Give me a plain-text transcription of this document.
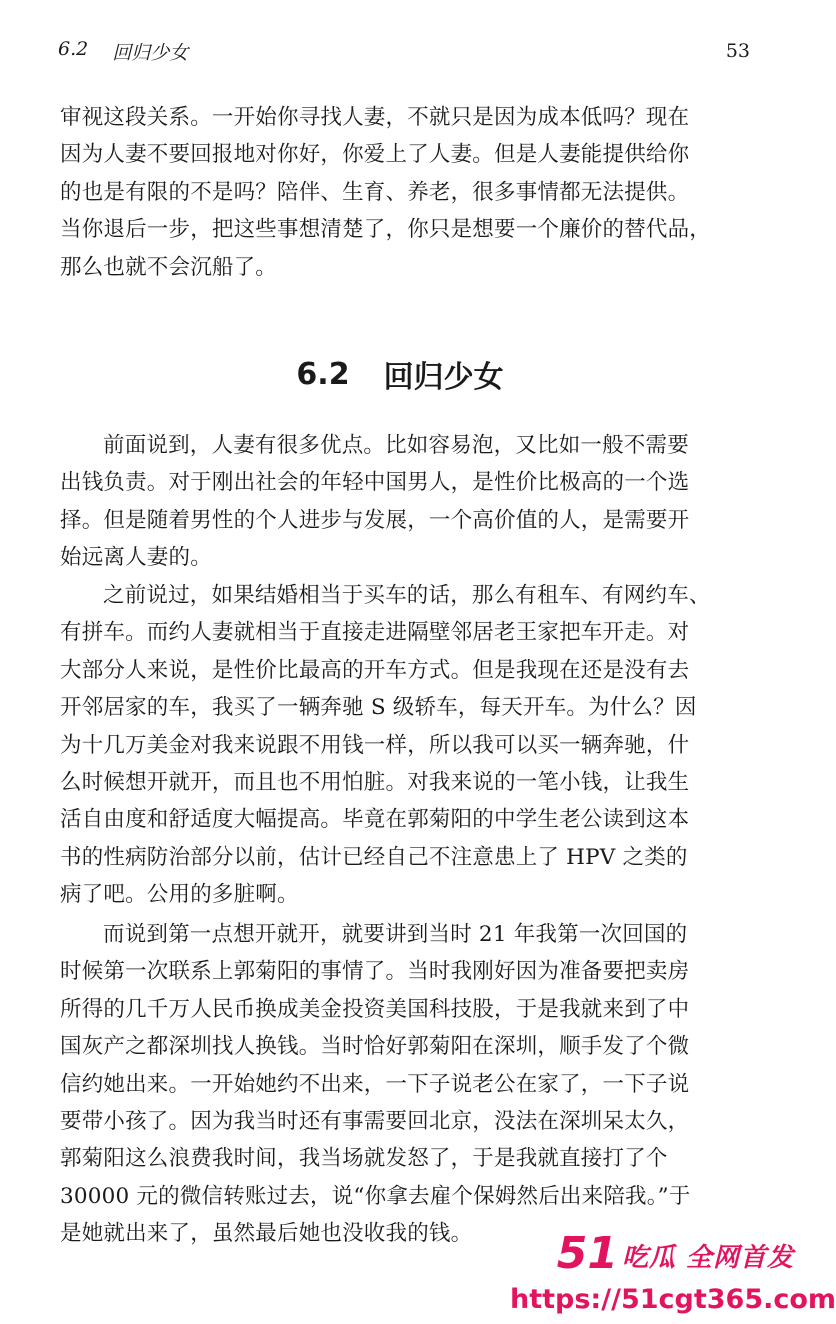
6.2 回归少女	53

审视这段关系。一开始你寻找人妻，不就只是因为成本低吗？现在
因为人妻不要回报地对你好，你爱上了人妻。但是人妻能提供给你
的也是有限的不是吗？陪伴、生育、养老，很多事情都无法提供。
当你退后一步，把这些事想清楚了，你只是想要一个廉价的替代品，
那么也就不会沉船了。

6.2 回归少女

前面说到，人妻有很多优点。比如容易泡，又比如一般不需要
出钱负责。对于刚出社会的年轻中国男人，是性价比极高的一个选
择。但是随着男性的个人进步与发展，一个高价值的人，是需要开
始远离人妻的。

之前说过，如果结婚相当于买车的话，那么有租车、有网约车、
有拼车。而约人妻就相当于直接走进隔壁邻居老王家把车开走。对
大部分人来说，是性价比最高的开车方式。但是我现在还是没有去
开邻居家的车，我买了一辆奔驰 S 级轿车，每天开车。为什么？因
为十几万美金对我来说跟不用钱一样，所以我可以买一辆奔驰，什
么时候想开就开，而且也不用怕脏。对我来说的一笔小钱，让我生
活自由度和舒适度大幅提高。毕竟在郭菊阳的中学生老公读到这本
书的性病防治部分以前，估计已经自己不注意患上了 HPV 之类的
病了吧。公用的多脏啊。

而说到第一点想开就开，就要讲到当时 21 年我第一次回国的
时候第一次联系上郭菊阳的事情了。当时我刚好因为准备要把卖房
所得的几千万人民币换成美金投资美国科技股，于是我就来到了中
国灰产之都深圳找人换钱。当时恰好郭菊阳在深圳，顺手发了个微
信约她出来。一开始她约不出来，一下子说老公在家了，一下子说
要带小孩了。因为我当时还有事需要回北京，没法在深圳呆太久，
郭菊阳这么浪费我时间，我当场就发怒了，于是我就直接打了个
30000 元的微信转账过去，说“你拿去雇个保姆然后出来陪我。”于
是她就出来了，虽然最后她也没收我的钱。	51 吃瓜 全网首发
https://51cgt365.com
